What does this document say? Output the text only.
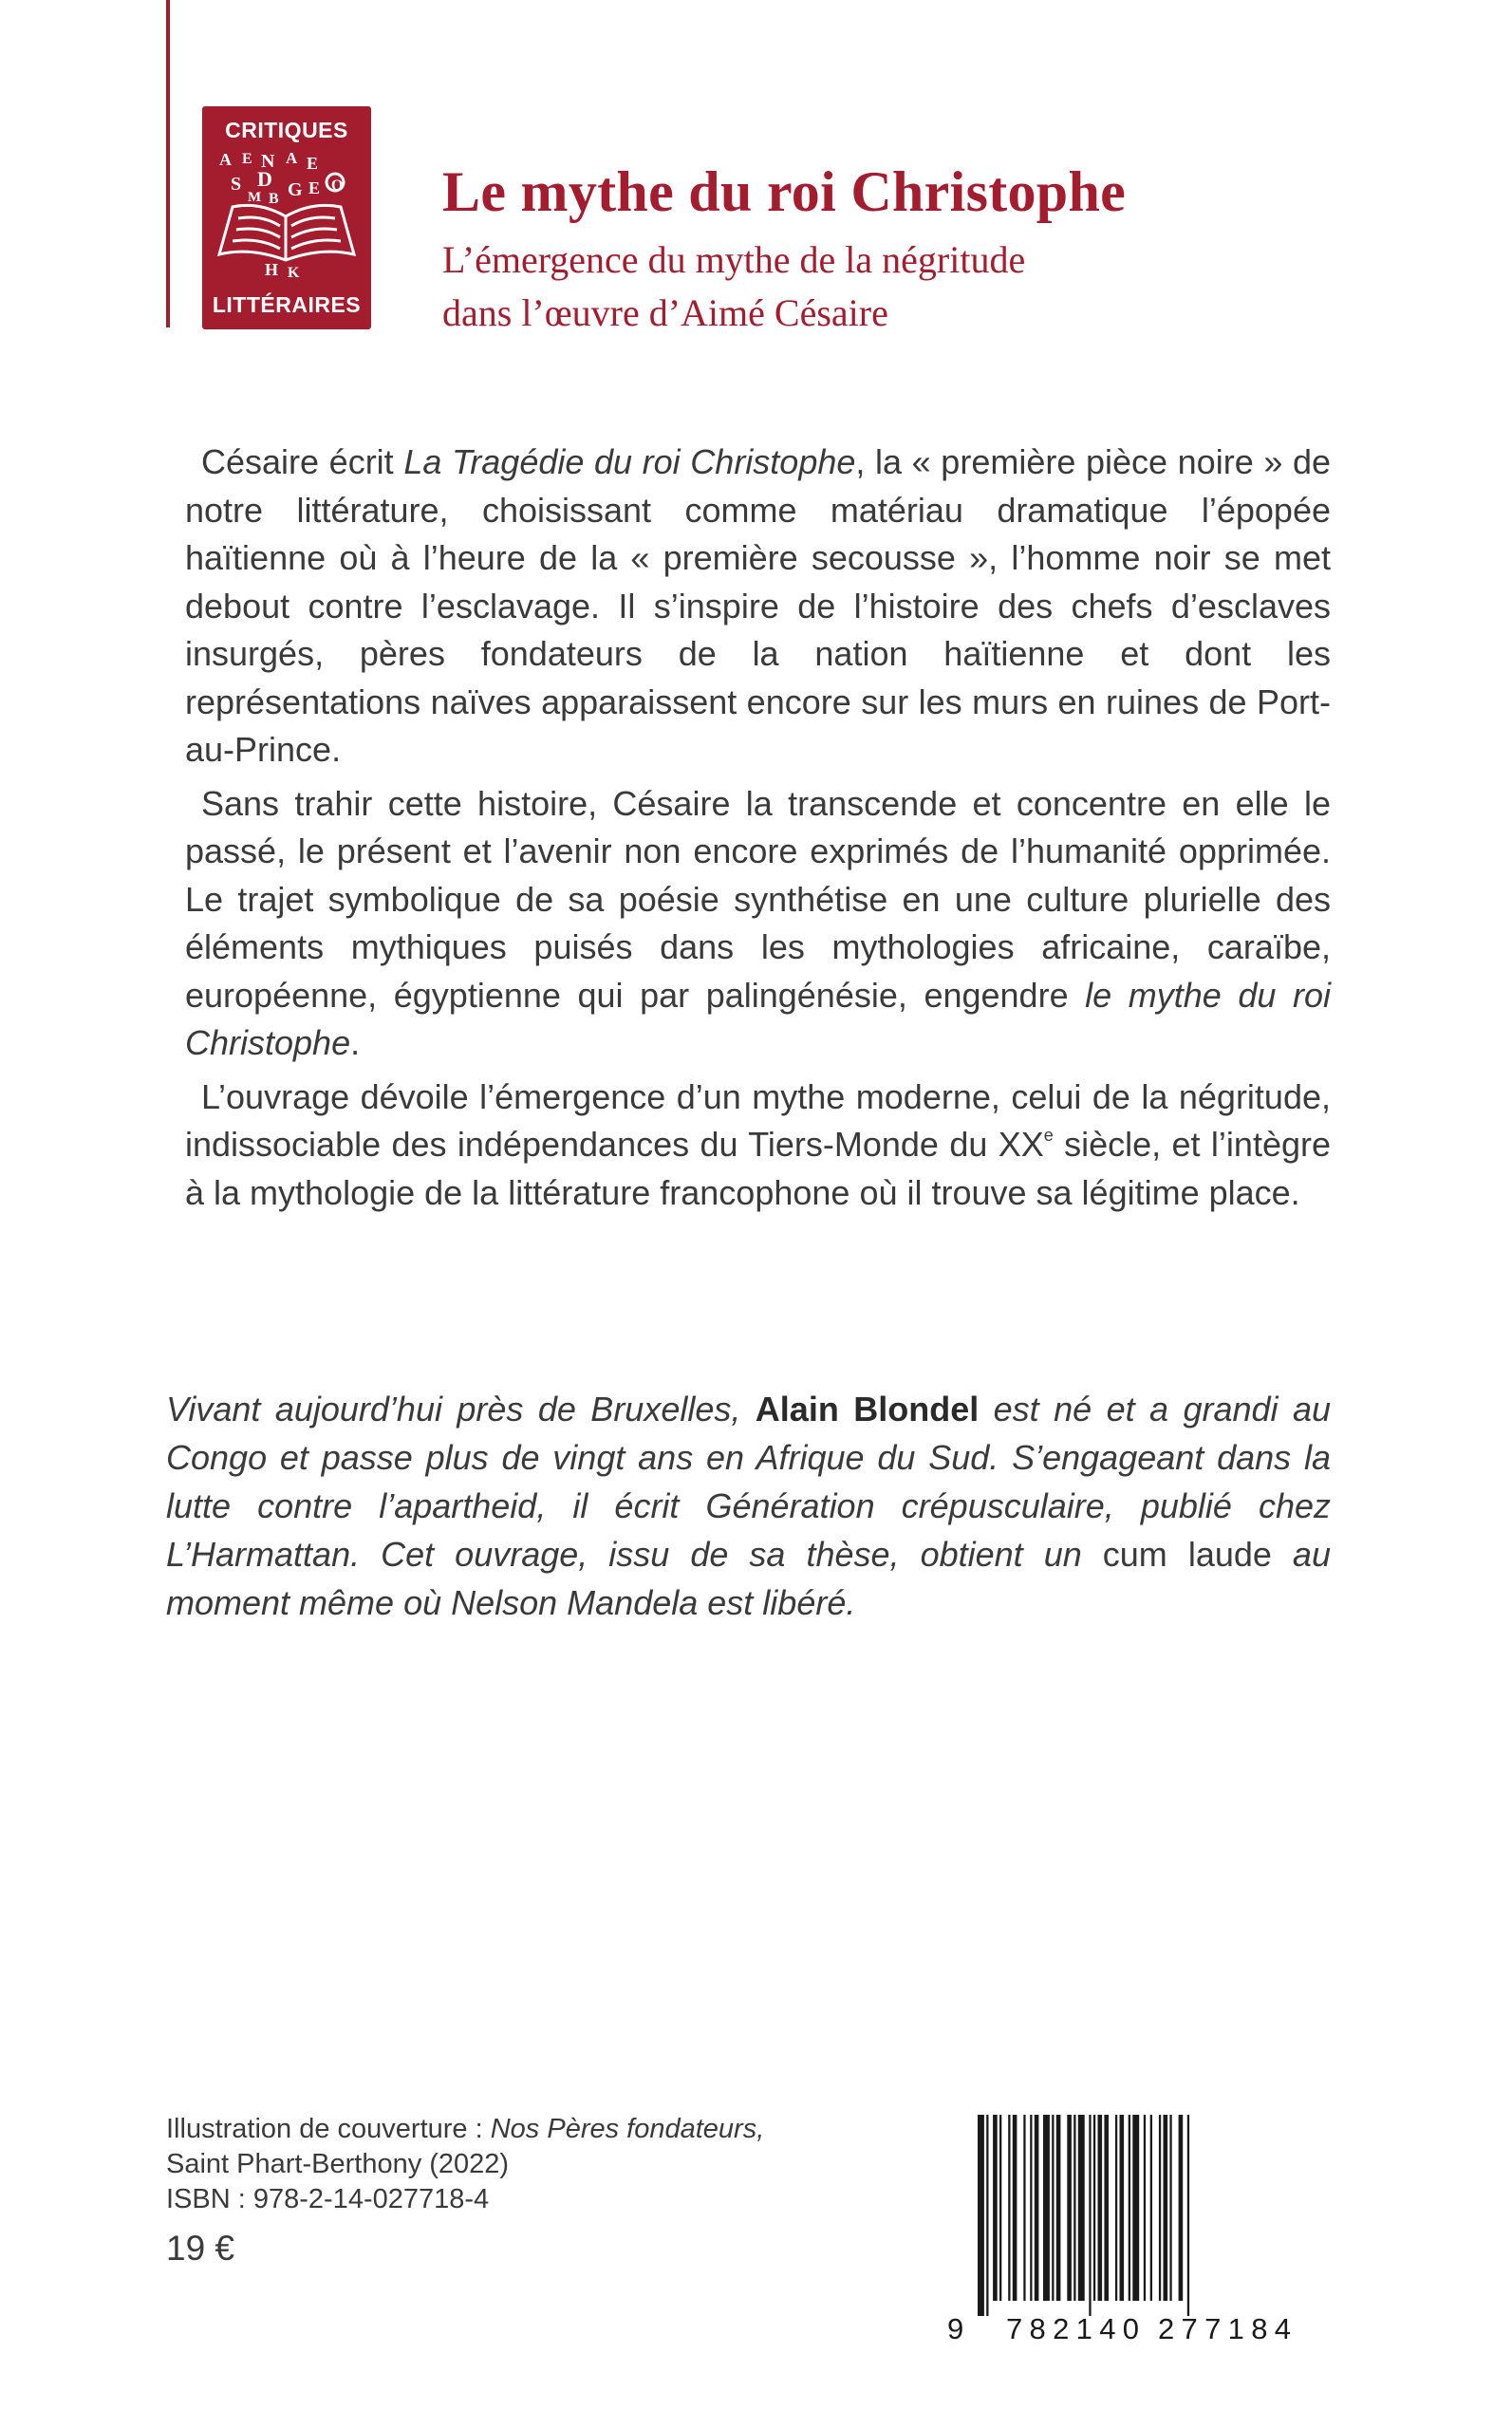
CRITIQUES
A E N A E
S D
M B G E O
H K
LITTÉRAIRES
Le mythe du roi Christophe
L’émergence du mythe de la négritude
dans l’œuvre d’Aimé Césaire

Césaire écrit La Tragédie du roi Christophe, la « première pièce noire » de notre littérature, choisissant comme matériau dramatique l’épopée haïtienne où à l’heure de la « première secousse », l’homme noir se met debout contre l’esclavage. Il s’inspire de l’histoire des chefs d’esclaves insurgés, pères fondateurs de la nation haïtienne et dont les représentations naïves apparaissent encore sur les murs en ruines de Port-au-Prince.

Sans trahir cette histoire, Césaire la transcende et concentre en elle le passé, le présent et l’avenir non encore exprimés de l’humanité opprimée. Le trajet symbolique de sa poésie synthétise en une culture plurielle des éléments mythiques puisés dans les mythologies africaine, caraïbe, européenne, égyptienne qui par palingénésie, engendre le mythe du roi Christophe.

L’ouvrage dévoile l’émergence d’un mythe moderne, celui de la négritude, indissociable des indépendances du Tiers-Monde du XXe siècle, et l’intègre à la mythologie de la littérature francophone où il trouve sa légitime place.

Vivant aujourd’hui près de Bruxelles, Alain Blondel est né et a grandi au Congo et passe plus de vingt ans en Afrique du Sud. S’engageant dans la lutte contre l’apartheid, il écrit Génération crépusculaire, publié chez L’Harmattan. Cet ouvrage, issu de sa thèse, obtient un cum laude au moment même où Nelson Mandela est libéré.

Illustration de couverture : Nos Pères fondateurs,
Saint Phart-Berthony (2022)
ISBN : 978-2-14-027718-4
19 €
9 782140 277184
